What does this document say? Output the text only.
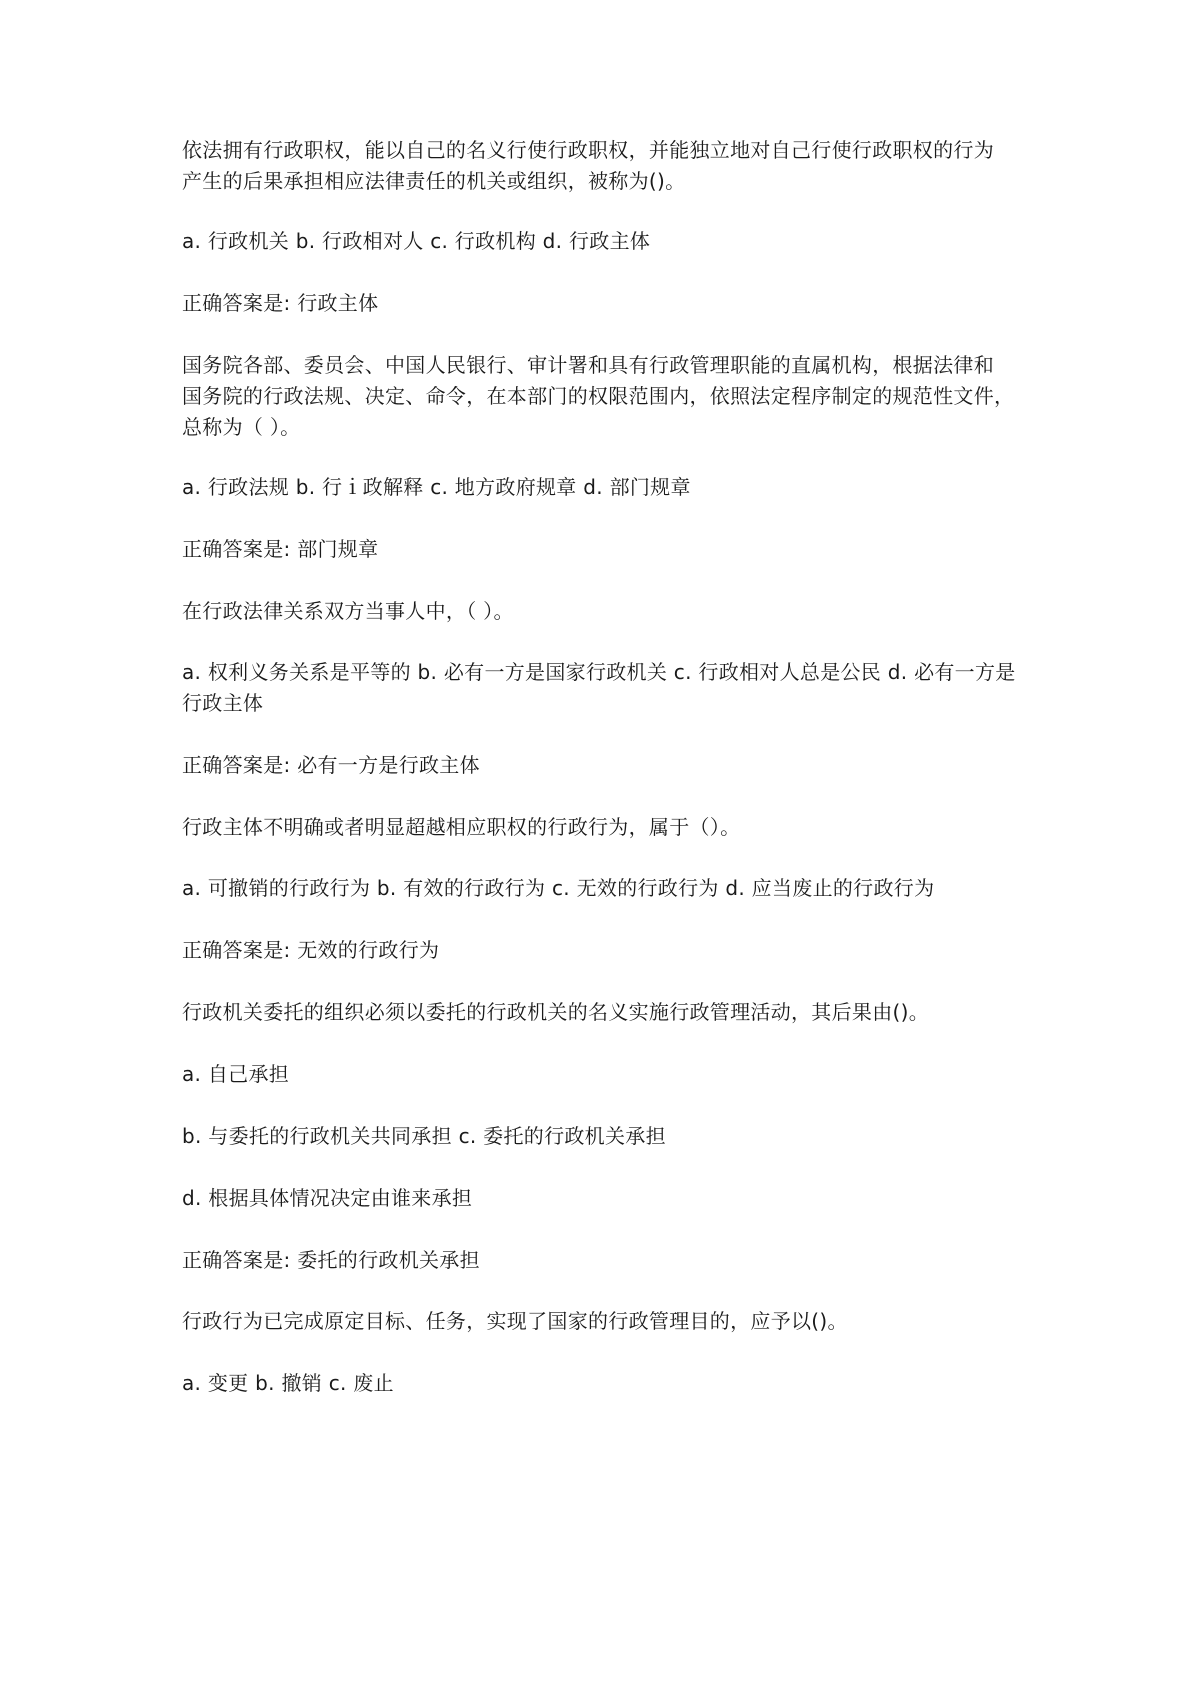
依法拥有行政职权，能以自己的名义行使行政职权，并能独立地对自己行使行政职权的行为
产生的后果承担相应法律责任的机关或组织，被称为()。
a. 行政机关 b. 行政相对人 c. 行政机构 d. 行政主体
正确答案是: 行政主体
国务院各部、委员会、中国人民银行、审计署和具有行政管理职能的直属机构，根据法律和
国务院的行政法规、决定、命令，在本部门的权限范围内，依照法定程序制定的规范性文件，
总称为（ ）。
a. 行政法规 b. 行ｉ政解释 c. 地方政府规章 d. 部门规章
正确答案是: 部门规章
在行政法律关系双方当事人中，（ ）。
a. 权利义务关系是平等的 b. 必有一方是国家行政机关 c. 行政相对人总是公民 d. 必有一方是
行政主体
正确答案是: 必有一方是行政主体
行政主体不明确或者明显超越相应职权的行政行为，属于（）。
a. 可撤销的行政行为 b. 有效的行政行为 c. 无效的行政行为 d. 应当废止的行政行为
正确答案是: 无效的行政行为
行政机关委托的组织必须以委托的行政机关的名义实施行政管理活动，其后果由()。
a. 自己承担
b. 与委托的行政机关共同承担 c. 委托的行政机关承担
d. 根据具体情况决定由谁来承担
正确答案是: 委托的行政机关承担
行政行为已完成原定目标、任务，实现了国家的行政管理目的，应予以()。
a. 变更 b. 撤销 c. 废止
